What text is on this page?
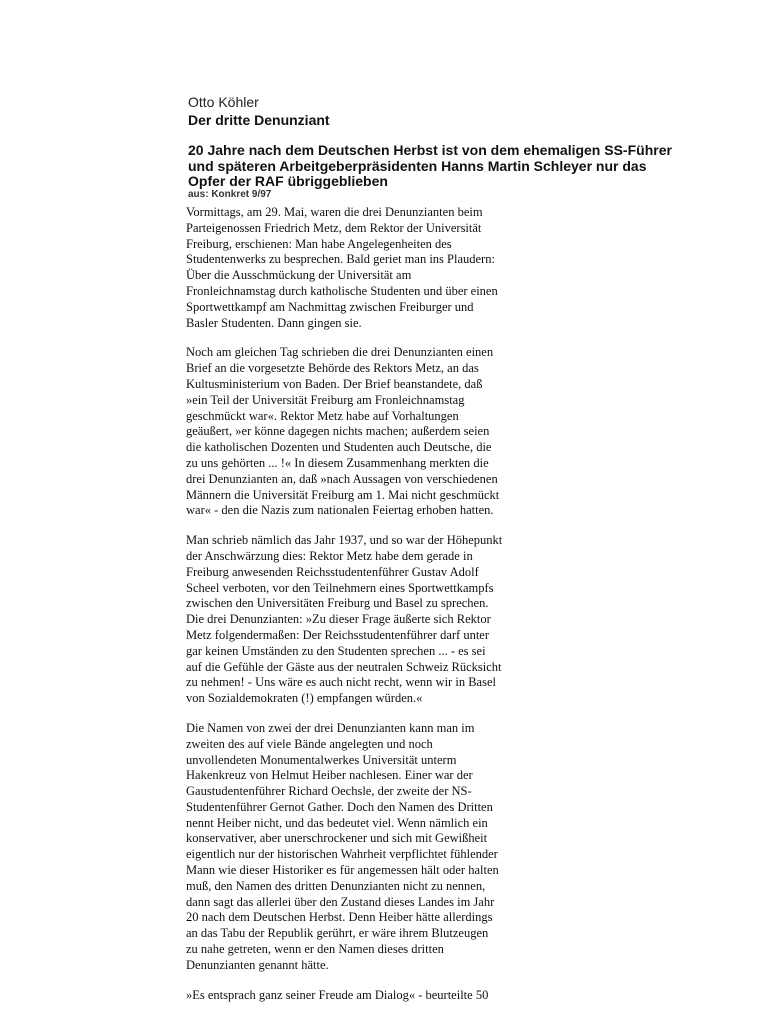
Otto Köhler

Der dritte Denunziant

20 Jahre nach dem Deutschen Herbst ist von dem ehemaligen SS-Führer und späteren Arbeitgeberpräsidenten Hanns Martin Schleyer nur das Opfer der RAF übriggeblieben

aus: Konkret 9/97

Vormittags, am 29. Mai, waren die drei Denunzianten beim
Parteigenossen Friedrich Metz, dem Rektor der Universität
Freiburg, erschienen: Man habe Angelegenheiten des
Studentenwerks zu besprechen. Bald geriet man ins Plaudern:
Über die Ausschmückung der Universität am
Fronleichnamstag durch katholische Studenten und über einen
Sportwettkampf am Nachmittag zwischen Freiburger und
Basler Studenten. Dann gingen sie.

Noch am gleichen Tag schrieben die drei Denunzianten einen
Brief an die vorgesetzte Behörde des Rektors Metz, an das
Kultusministerium von Baden. Der Brief beanstandete, daß
»ein Teil der Universität Freiburg am Fronleichnamstag
geschmückt war«. Rektor Metz habe auf Vorhaltungen
geäußert, »er könne dagegen nichts machen; außerdem seien
die katholischen Dozenten und Studenten auch Deutsche, die
zu uns gehörten ... !« In diesem Zusammenhang merkten die
drei Denunzianten an, daß »nach Aussagen von verschiedenen
Männern die Universität Freiburg am 1. Mai nicht geschmückt
war« - den die Nazis zum nationalen Feiertag erhoben hatten.

Man schrieb nämlich das Jahr 1937, und so war der Höhepunkt
der Anschwärzung dies: Rektor Metz habe dem gerade in
Freiburg anwesenden Reichsstudentenführer Gustav Adolf
Scheel verboten, vor den Teilnehmern eines Sportwettkampfs
zwischen den Universitäten Freiburg und Basel zu sprechen.
Die drei Denunzianten: »Zu dieser Frage äußerte sich Rektor
Metz folgendermaßen: Der Reichsstudentenführer darf unter
gar keinen Umständen zu den Studenten sprechen ... - es sei
auf die Gefühle der Gäste aus der neutralen Schweiz Rücksicht
zu nehmen! - Uns wäre es auch nicht recht, wenn wir in Basel
von Sozialdemokraten (!) empfangen würden.«

Die Namen von zwei der drei Denunzianten kann man im
zweiten des auf viele Bände angelegten und noch
unvollendeten Monumentalwerkes Universität unterm
Hakenkreuz von Helmut Heiber nachlesen. Einer war der
Gaustudentenführer Richard Oechsle, der zweite der NS-
Studentenführer Gernot Gather. Doch den Namen des Dritten
nennt Heiber nicht, und das bedeutet viel. Wenn nämlich ein
konservativer, aber unerschrockener und sich mit Gewißheit
eigentlich nur der historischen Wahrheit verpflichtet fühlender
Mann wie dieser Historiker es für angemessen hält oder halten
muß, den Namen des dritten Denunzianten nicht zu nennen,
dann sagt das allerlei über den Zustand dieses Landes im Jahr
20 nach dem Deutschen Herbst. Denn Heiber hätte allerdings
an das Tabu der Republik gerührt, er wäre ihrem Blutzeugen
zu nahe getreten, wenn er den Namen dieses dritten
Denunzianten genannt hätte.

»Es entsprach ganz seiner Freude am Dialog« - beurteilte 50
